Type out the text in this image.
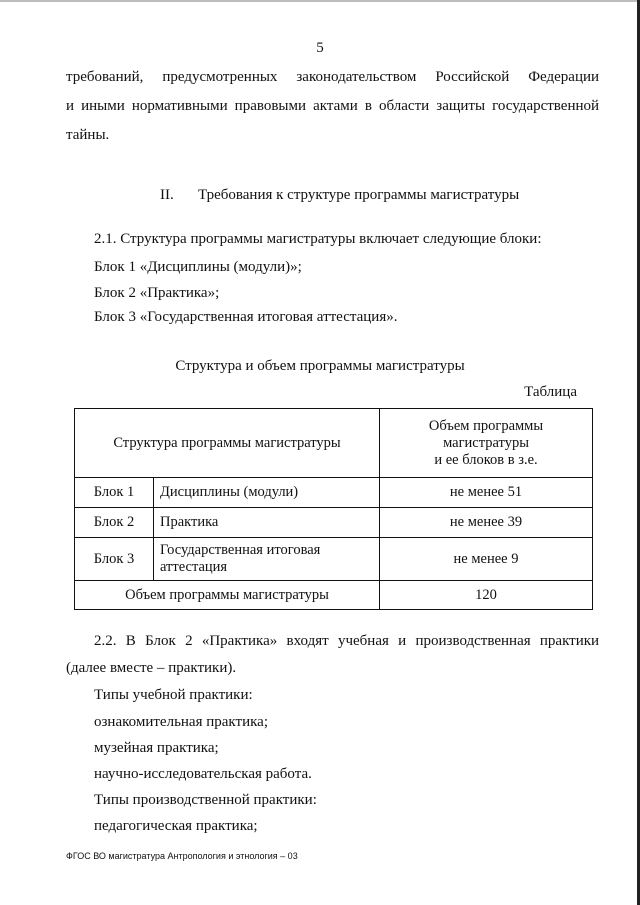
5
требований, предусмотренных законодательством Российской Федерации
и иными нормативными правовыми актами в области защиты государственной
тайны.
II. Требования к структуре программы магистратуры
2.1. Структура программы магистратуры включает следующие блоки:
Блок 1 «Дисциплины (модули)»;
Блок 2 «Практика»;
Блок 3 «Государственная итоговая аттестация».
Структура и объем программы магистратуры
Таблица
Структура программы магистратуры		Объем программы
магистратуры
и ее блоков в з.е.

Блок 1	Дисциплины (модули)	не менее 51
Блок 2	Практика	не менее 39
Блок 3	Государственная итоговая
аттестация	не менее 9
Объем программы магистратуры		120
2.2. В Блок 2 «Практика» входят учебная и производственная практики
(далее вместе – практики).
Типы учебной практики:
ознакомительная практика;
музейная практика;
научно-исследовательская работа.
Типы производственной практики:
педагогическая практика;
ФГОС ВО магистратура Антропология и этнология – 03
